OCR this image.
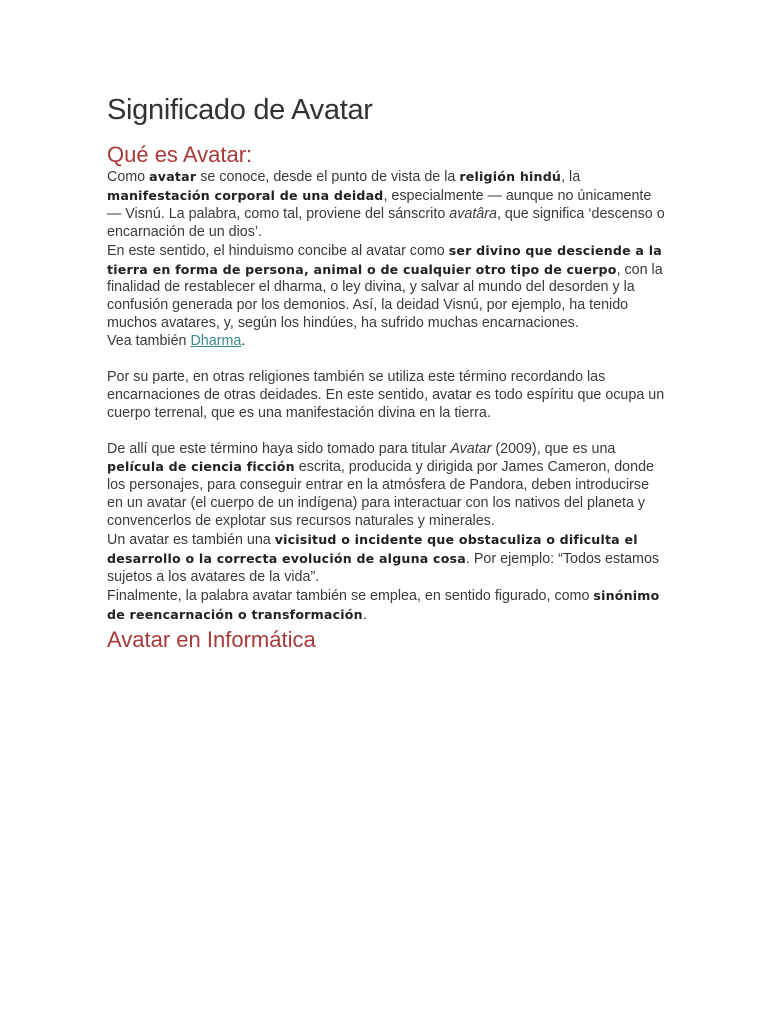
Significado de Avatar
Qué es Avatar:

Como avatar se conoce, desde el punto de vista de la religión hindú, la manifestación corporal de una deidad, especialmente — aunque no únicamente — Visnú. La palabra, como tal, proviene del sánscrito avatâra, que significa ‘descenso o encarnación de un dios’.

En este sentido, el hinduismo concibe al avatar como ser divino que desciende a la tierra en forma de persona, animal o de cualquier otro tipo de cuerpo, con la finalidad de restablecer el dharma, o ley divina, y salvar al mundo del desorden y la confusión generada por los demonios. Así, la deidad Visnú, por ejemplo, ha tenido muchos avatares, y, según los hindúes, ha sufrido muchas encarnaciones.

Vea también Dharma.

Por su parte, en otras religiones también se utiliza este término recordando las encarnaciones de otras deidades. En este sentido, avatar es todo espíritu que ocupa un cuerpo terrenal, que es una manifestación divina en la tierra.

De allí que este término haya sido tomado para titular Avatar (2009), que es una película de ciencia ficción escrita, producida y dirigida por James Cameron, donde los personajes, para conseguir entrar en la atmósfera de Pandora, deben introducirse en un avatar (el cuerpo de un indígena) para interactuar con los nativos del planeta y convencerlos de explotar sus recursos naturales y minerales.

Un avatar es también una vicisitud o incidente que obstaculiza o dificulta el desarrollo o la correcta evolución de alguna cosa. Por ejemplo: “Todos estamos sujetos a los avatares de la vida”.

Finalmente, la palabra avatar también se emplea, en sentido figurado, como sinónimo de reencarnación o transformación.

Avatar en Informática
